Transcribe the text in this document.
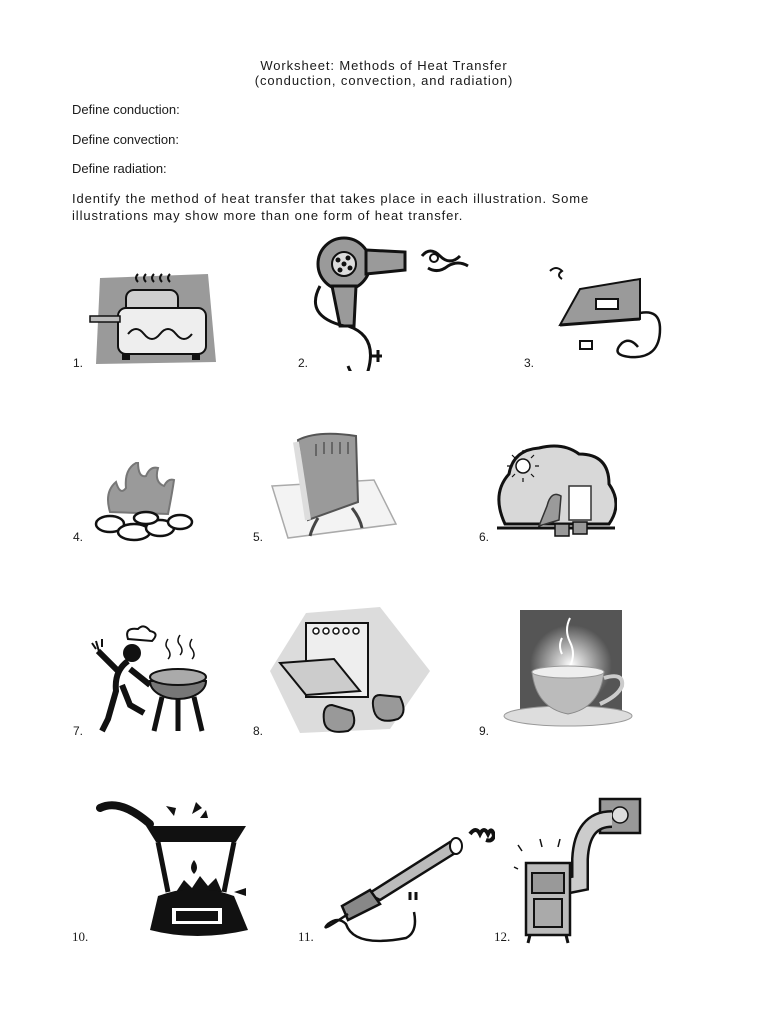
Worksheet: Methods of Heat Transfer
(conduction, convection, and radiation)
Define conduction:
Define convection:
Define radiation:
Identify the method of heat transfer that takes place in each illustration. Some
illustrations may show more than one form of heat transfer.
1.	2.	3.
4.	5.	6.
7.	8.	9.
10.	11.	12.
